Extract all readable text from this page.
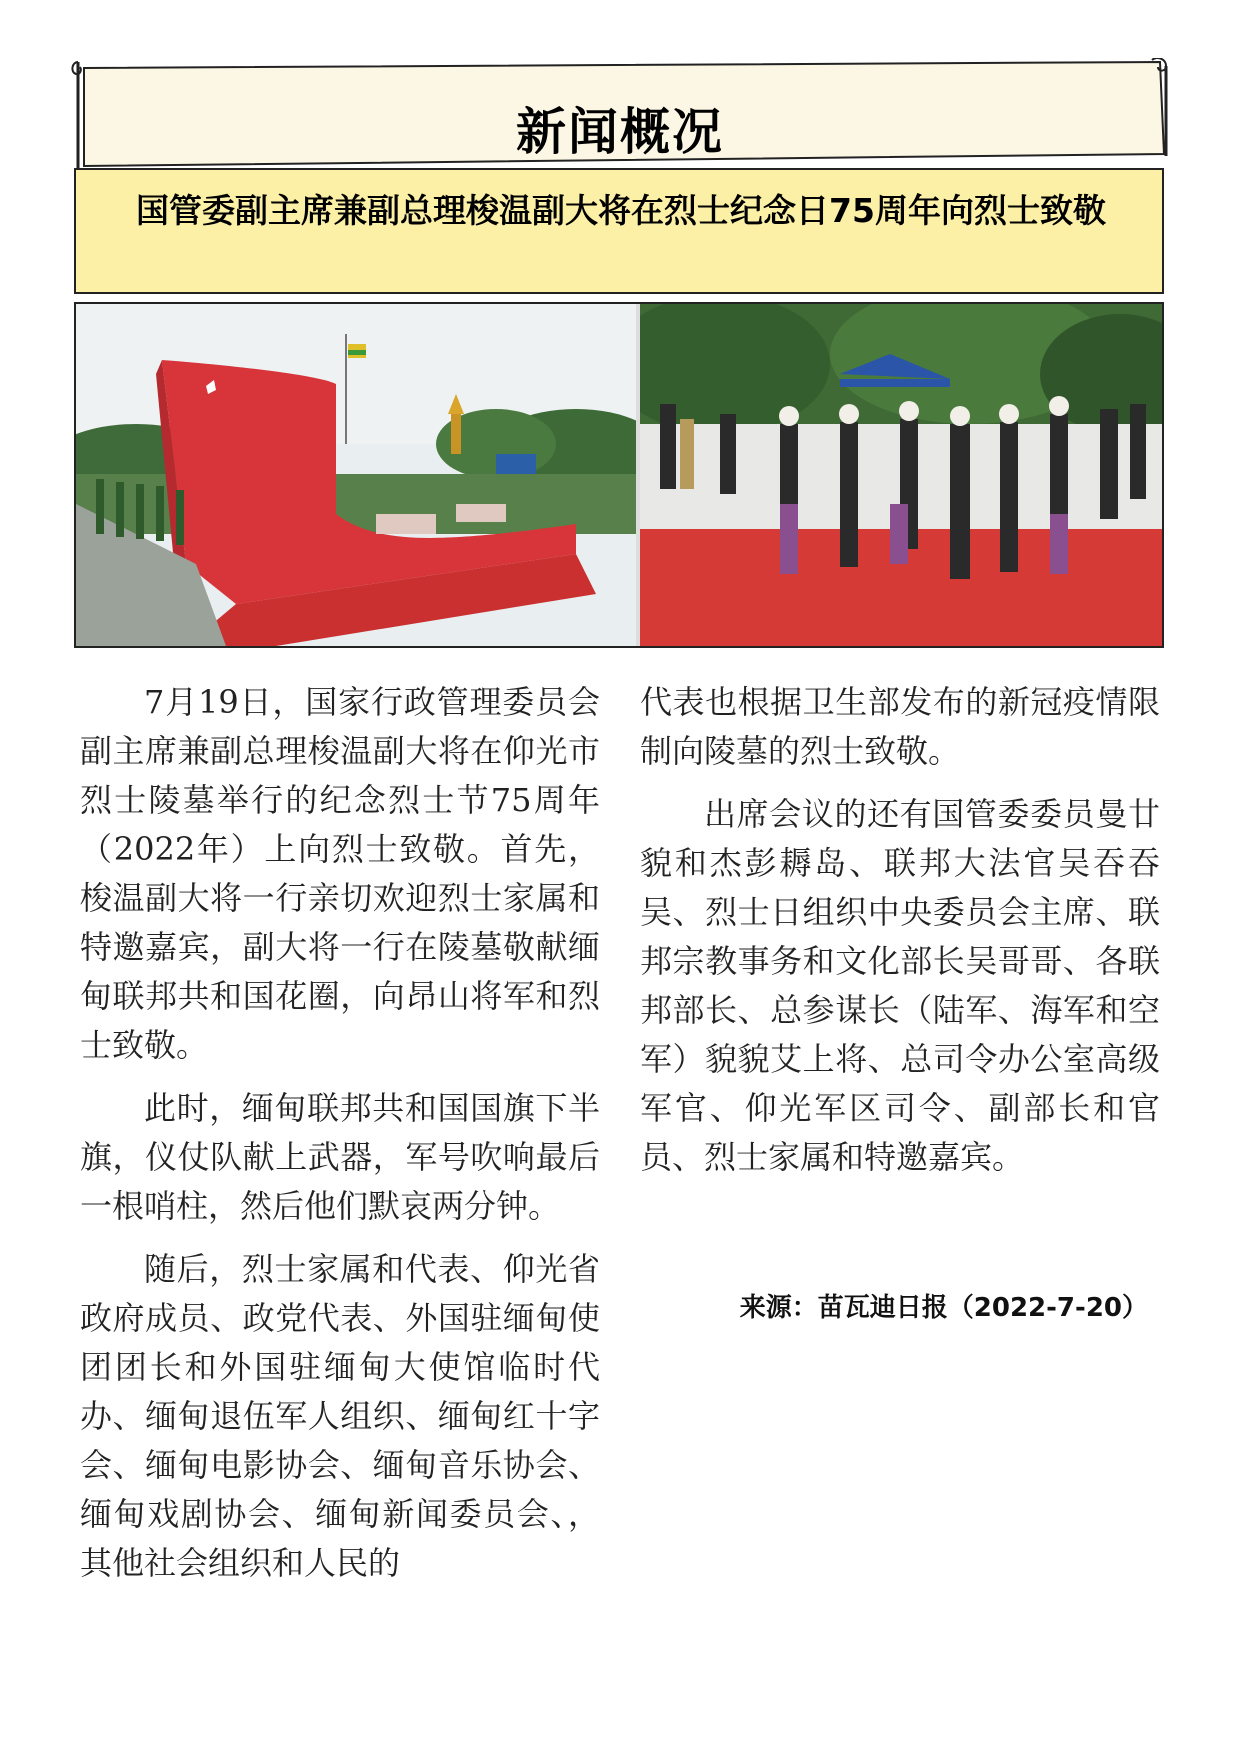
新闻概况
国管委副主席兼副总理梭温副大将在烈士纪念日75周年向烈士致敬

7月19日，国家行政管理委员会副主席兼副总理梭温副大将在仰光市烈士陵墓举行的纪念烈士节75周年（2022年）上向烈士致敬。首先，梭温副大将一行亲切欢迎烈士家属和特邀嘉宾，副大将一行在陵墓敬献缅甸联邦共和国花圈，向昂山将军和烈士致敬。

此时，缅甸联邦共和国国旗下半旗，仪仗队献上武器，军号吹响最后一根哨柱，然后他们默哀两分钟。

随后，烈士家属和代表、仰光省政府成员、政党代表、外国驻缅甸使团团长和外国驻缅甸大使馆临时代办、缅甸退伍军人组织、缅甸红十字会、缅甸电影协会、缅甸音乐协会、缅甸戏剧协会、缅甸新闻委员会、，其他社会组织和人民的

代表也根据卫生部发布的新冠疫情限制向陵墓的烈士致敬。

出席会议的还有国管委委员曼廿貌和杰彭耨岛、联邦大法官吴吞吞吴、烈士日组织中央委员会主席、联邦宗教事务和文化部长吴哥哥、各联邦部长、总参谋长（陆军、海军和空军）貌貌艾上将、总司令办公室高级军官、仰光军区司令、副部长和官员、烈士家属和特邀嘉宾。

来源：苗瓦迪日报（2022-7-20）
